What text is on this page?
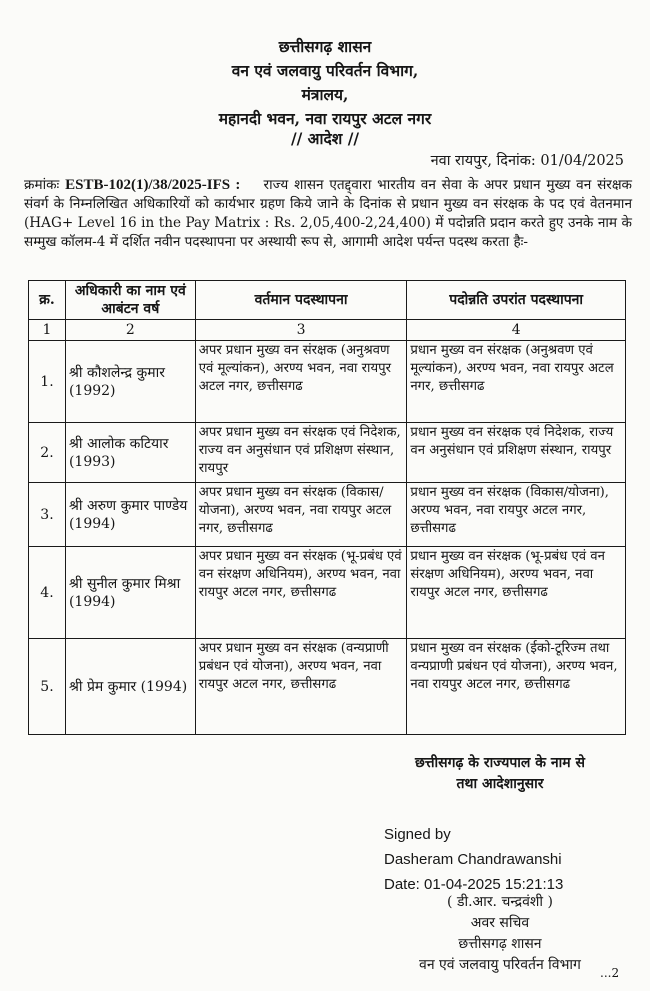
छत्तीसगढ़ शासन
वन एवं जलवायु परिवर्तन विभाग,
मंत्रालय,
महानदी भवन, नवा रायपुर अटल नगर
// आदेश //
नवा रायपुर, दिनांक: 01/04/2025
क्रमांकः ESTB-102(1)/38/2025-IFS : राज्य शासन एतद्द्वारा भारतीय वन सेवा के अपर प्रधान मुख्य वन संरक्षक संवर्ग के निम्नलिखित अधिकारियों को कार्यभार ग्रहण किये जाने के दिनांक से प्रधान मुख्य वन संरक्षक के पद एवं वेतनमान (HAG+ Level 16 in the Pay Matrix : Rs. 2,05,400-2,24,400) में पदोन्नति प्रदान करते हुए उनके नाम के सम्मुख कॉलम-4 में दर्शित नवीन पदस्थापना पर अस्थायी रूप से, आगामी आदेश पर्यन्त पदस्थ करता हैः-
क्र.	अधिकारी का नाम एवं आबंटन वर्ष	वर्तमान पदस्थापना	पदोन्नति उपरांत पदस्थापना
1	2	3	4
1.	श्री कौशलेन्द्र कुमार (1992)	अपर प्रधान मुख्य वन संरक्षक (अनुश्रवण एवं मूल्यांकन), अरण्य भवन, नवा रायपुर अटल नगर, छत्तीसगढ	प्रधान मुख्य वन संरक्षक (अनुश्रवण एवं मूल्यांकन), अरण्य भवन, नवा रायपुर अटल नगर, छत्तीसगढ
2.	श्री आलोक कटियार (1993)	अपर प्रधान मुख्य वन संरक्षक एवं निदेशक, राज्य वन अनुसंधान एवं प्रशिक्षण संस्थान, रायपुर	प्रधान मुख्य वन संरक्षक एवं निदेशक, राज्य वन अनुसंधान एवं प्रशिक्षण संस्थान, रायपुर
3.	श्री अरुण कुमार पाण्डेय (1994)	अपर प्रधान मुख्य वन संरक्षक (विकास/योजना), अरण्य भवन, नवा रायपुर अटल नगर, छत्तीसगढ	प्रधान मुख्य वन संरक्षक (विकास/योजना), अरण्य भवन, नवा रायपुर अटल नगर, छत्तीसगढ
4.	श्री सुनील कुमार मिश्रा (1994)	अपर प्रधान मुख्य वन संरक्षक (भू-प्रबंध एवं वन संरक्षण अधिनियम), अरण्य भवन, नवा रायपुर अटल नगर, छत्तीसगढ	प्रधान मुख्य वन संरक्षक (भू-प्रबंध एवं वन संरक्षण अधिनियम), अरण्य भवन, नवा रायपुर अटल नगर, छत्तीसगढ
5.	श्री प्रेम कुमार (1994)	अपर प्रधान मुख्य वन संरक्षक (वन्यप्राणी प्रबंधन एवं योजना), अरण्य भवन, नवा रायपुर अटल नगर, छत्तीसगढ	प्रधान मुख्य वन संरक्षक (ईको-टूरिज्म तथा वन्यप्राणी प्रबंधन एवं योजना), अरण्य भवन, नवा रायपुर अटल नगर, छत्तीसगढ
छत्तीसगढ़ के राज्यपाल के नाम से
तथा आदेशानुसार
Signed by
Dasheram Chandrawanshi
Date: 01-04-2025 15:21:13
( डी.आर. चन्द्रवंशी )
अवर सचिव
छत्तीसगढ़ शासन
वन एवं जलवायु परिवर्तन विभाग	...2
